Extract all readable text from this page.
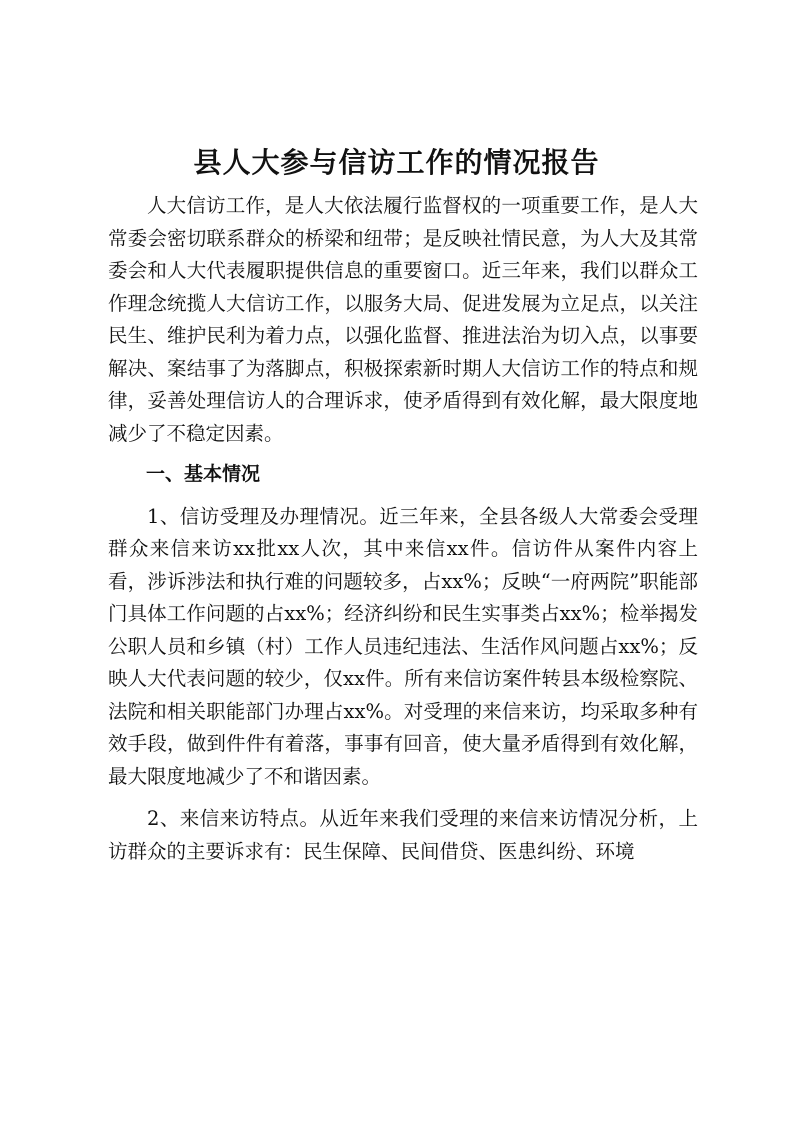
县人大参与信访工作的情况报告

人大信访工作，是人大依法履行监督权的一项重要工作，是人大常委会密切联系群众的桥梁和纽带；是反映社情民意，为人大及其常委会和人大代表履职提供信息的重要窗口。近三年来，我们以群众工作理念统揽人大信访工作，以服务大局、促进发展为立足点，以关注民生、维护民利为着力点，以强化监督、推进法治为切入点，以事要解决、案结事了为落脚点，积极探索新时期人大信访工作的特点和规律，妥善处理信访人的合理诉求，使矛盾得到有效化解，最大限度地减少了不稳定因素。

一、基本情况

1、信访受理及办理情况。近三年来，全县各级人大常委会受理群众来信来访xx批xx人次，其中来信xx件。信访件从案件内容上看，涉诉涉法和执行难的问题较多，占xx%；反映“一府两院”职能部门具体工作问题的占xx%；经济纠纷和民生实事类占xx%；检举揭发公职人员和乡镇（村）工作人员违纪违法、生活作风问题占xx%；反映人大代表问题的较少，仅xx件。所有来信访案件转县本级检察院、法院和相关职能部门办理占xx%。对受理的来信来访，均采取多种有效手段，做到件件有着落，事事有回音，使大量矛盾得到有效化解，最大限度地减少了不和谐因素。

2、来信来访特点。从近年来我们受理的来信来访情况分析，上访群众的主要诉求有：民生保障、民间借贷、医患纠纷、环境
